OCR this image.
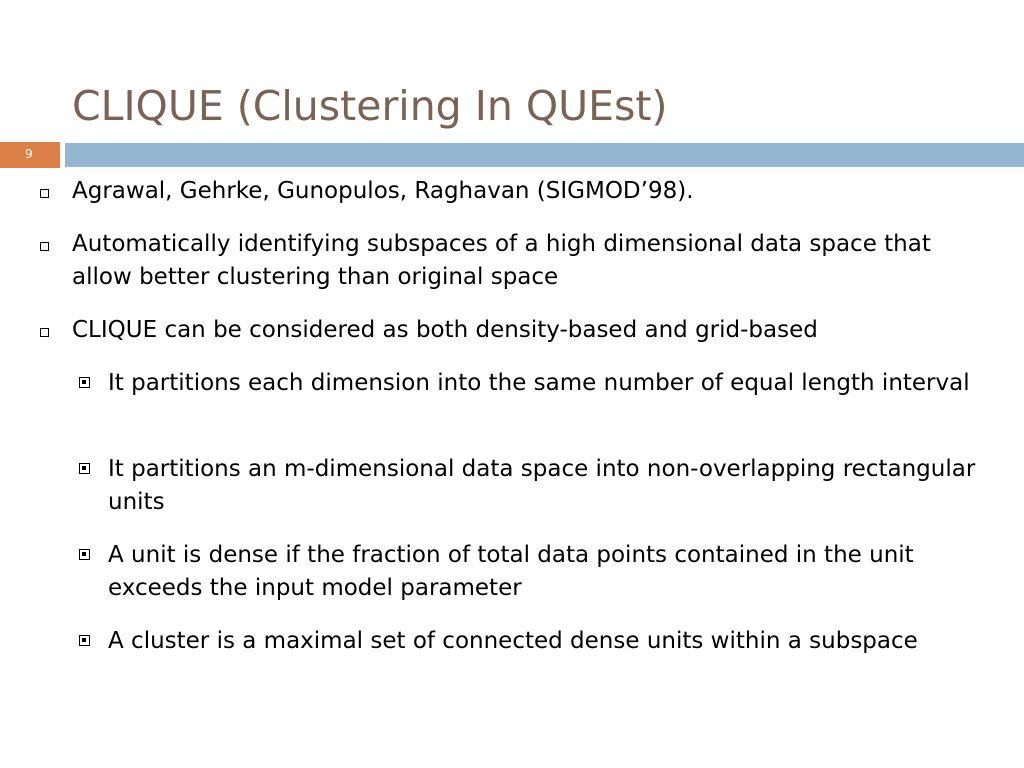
CLIQUE (Clustering In QUEst)
9
Agrawal, Gehrke, Gunopulos, Raghavan (SIGMOD’98).
Automatically identifying subspaces of a high dimensional data space that allow better clustering than original space
CLIQUE can be considered as both density-based and grid-based
It partitions each dimension into the same number of equal length interval
It partitions an m-dimensional data space into non-overlapping rectangular units
A unit is dense if the fraction of total data points contained in the unit exceeds the input model parameter
A cluster is a maximal set of connected dense units within a subspace
